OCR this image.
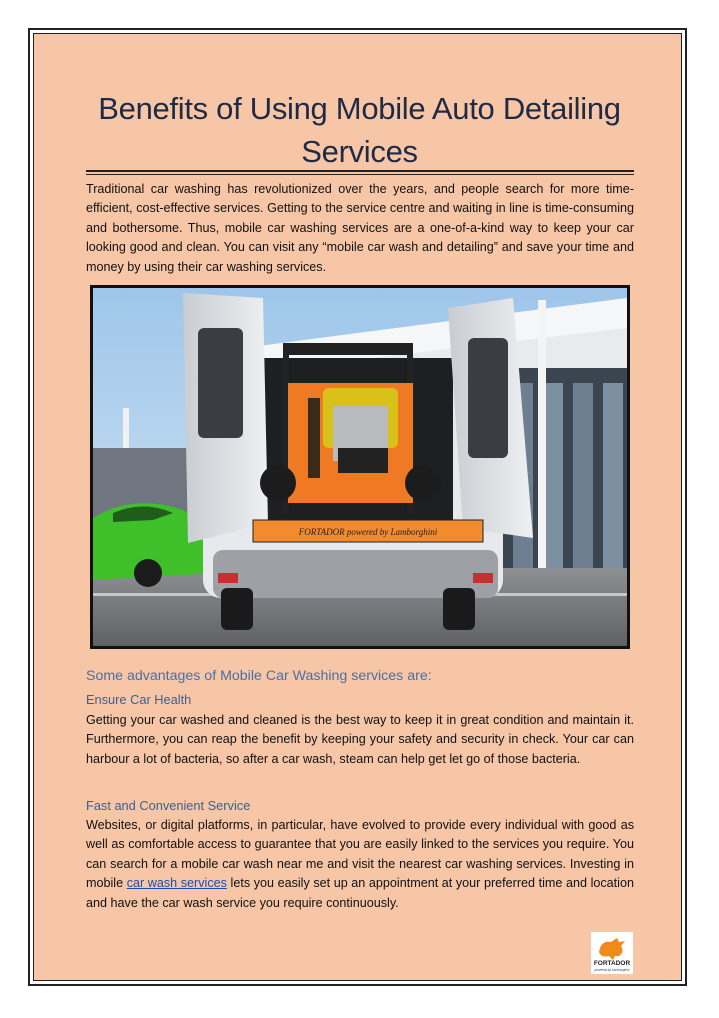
Benefits of Using Mobile Auto Detailing Services

Traditional car washing has revolutionized over the years, and people search for more time-efficient, cost-effective services. Getting to the service centre and waiting in line is time-consuming and bothersome. Thus, mobile car washing services are a one-of-a-kind way to keep your car looking good and clean. You can visit any “mobile car wash and detailing” and save your time and money by using their car washing services.

FORTADOR powered by Lamborghini
Some advantages of Mobile Car Washing services are:
Ensure Car Health

Getting your car washed and cleaned is the best way to keep it in great condition and maintain it. Furthermore, you can reap the benefit by keeping your safety and security in check. Your car can harbour a lot of bacteria, so after a car wash, steam can help get let go of those bacteria.

Fast and Convenient Service

Websites, or digital platforms, in particular, have evolved to provide every individual with good as well as comfortable access to guarantee that you are easily linked to the services you require. You can search for a mobile car wash near me and visit the nearest car washing services. Investing in mobile car wash services lets you easily set up an appointment at your preferred time and location and have the car wash service you require continuously.

FORTADOR
powered by Lamborghini
